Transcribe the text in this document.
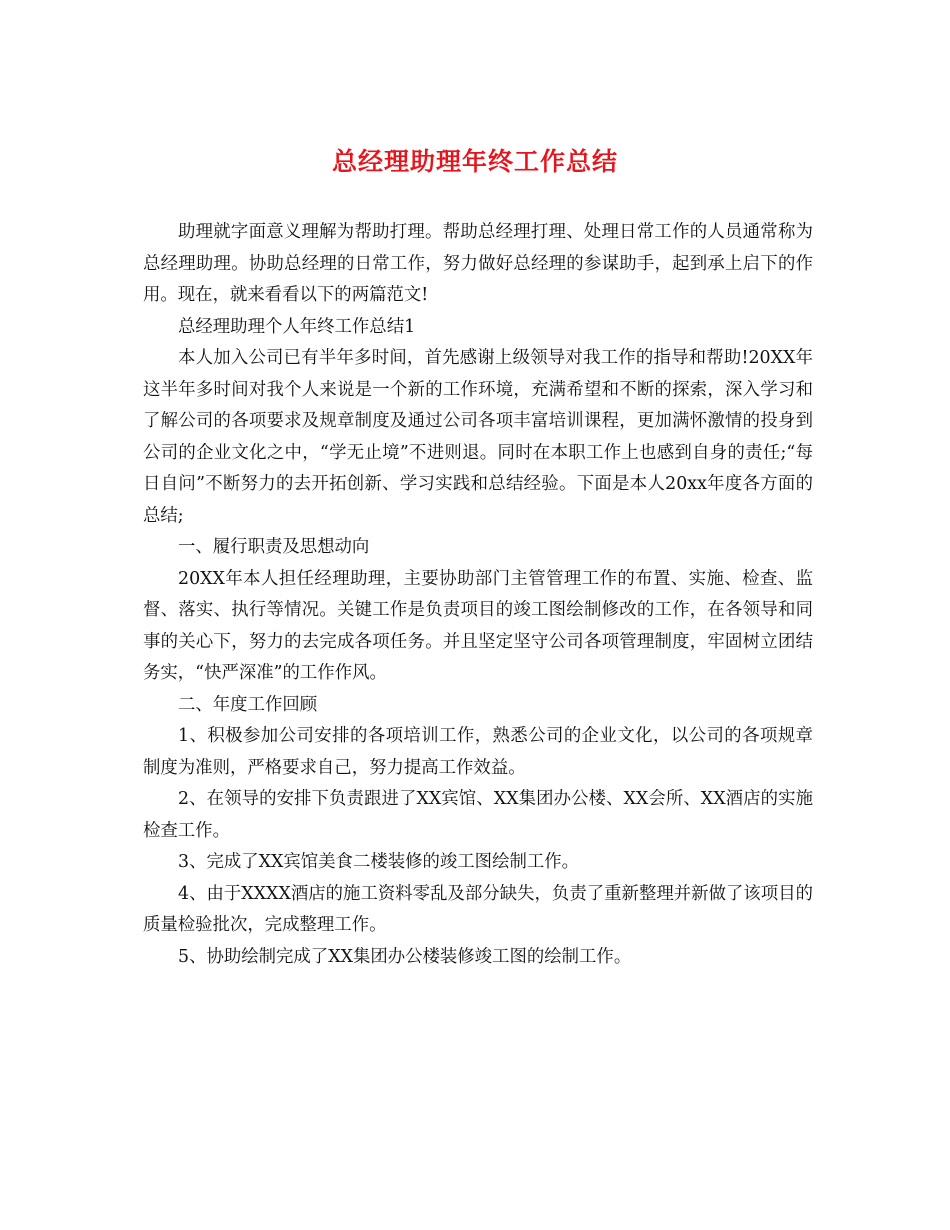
总经理助理年终工作总结

助理就字面意义理解为帮助打理。帮助总经理打理、处理日常工作的人员通常称为总经理助理。协助总经理的日常工作，努力做好总经理的参谋助手，起到承上启下的作用。现在，就来看看以下的两篇范文!

总经理助理个人年终工作总结1

本人加入公司已有半年多时间，首先感谢上级领导对我工作的指导和帮助!20XX年这半年多时间对我个人来说是一个新的工作环境，充满希望和不断的探索，深入学习和了解公司的各项要求及规章制度及通过公司各项丰富培训课程，更加满怀激情的投身到公司的企业文化之中，“学无止境”不进则退。同时在本职工作上也感到自身的责任;“每日自问”不断努力的去开拓创新、学习实践和总结经验。下面是本人20xx年度各方面的总结;

一、履行职责及思想动向

20XX年本人担任经理助理，主要协助部门主管管理工作的布置、实施、检查、监督、落实、执行等情况。关键工作是负责项目的竣工图绘制修改的工作，在各领导和同事的关心下，努力的去完成各项任务。并且坚定坚守公司各项管理制度，牢固树立团结务实，“快严深准”的工作作风。

二、年度工作回顾

1、积极参加公司安排的各项培训工作，熟悉公司的企业文化，以公司的各项规章制度为准则，严格要求自己，努力提高工作效益。

2、在领导的安排下负责跟进了XX宾馆、XX集团办公楼、XX会所、XX酒店的实施检查工作。

3、完成了XX宾馆美食二楼装修的竣工图绘制工作。

4、由于XXXX酒店的施工资料零乱及部分缺失，负责了重新整理并新做了该项目的质量检验批次，完成整理工作。

5、协助绘制完成了XX集团办公楼装修竣工图的绘制工作。
